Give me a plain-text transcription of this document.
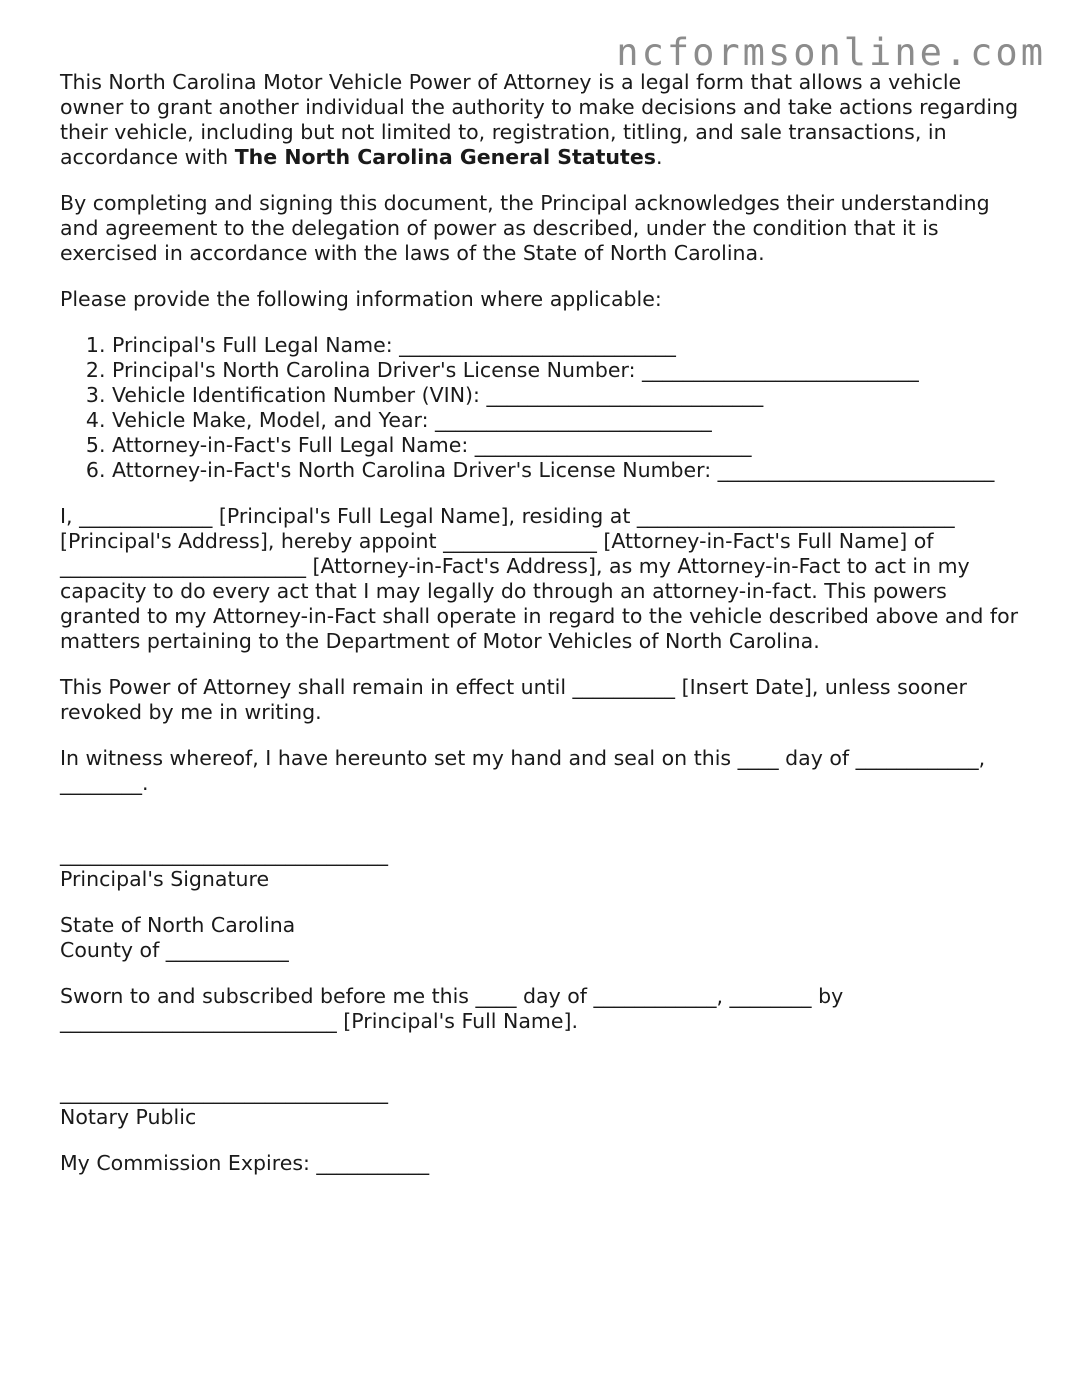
ncformsonline.com

This North Carolina Motor Vehicle Power of Attorney is a legal form that allows a vehicle owner to grant another individual the authority to make decisions and take actions regarding their vehicle, including but not limited to, registration, titling, and sale transactions, in accordance with The North Carolina General Statutes.

By completing and signing this document, the Principal acknowledges their understanding and agreement to the delegation of power as described, under the condition that it is exercised in accordance with the laws of the State of North Carolina.

Please provide the following information where applicable:

1. Principal's Full Legal Name: ___________________________
2. Principal's North Carolina Driver's License Number: ___________________________
3. Vehicle Identification Number (VIN): ___________________________
4. Vehicle Make, Model, and Year: ___________________________
5. Attorney-in-Fact's Full Legal Name: ___________________________
6. Attorney-in-Fact's North Carolina Driver's License Number: ___________________________

I, _____________ [Principal's Full Legal Name], residing at _______________________________ [Principal's Address], hereby appoint _______________ [Attorney-in-Fact's Full Name] of ________________________ [Attorney-in-Fact's Address], as my Attorney-in-Fact to act in my capacity to do every act that I may legally do through an attorney-in-fact. This powers granted to my Attorney-in-Fact shall operate in regard to the vehicle described above and for matters pertaining to the Department of Motor Vehicles of North Carolina.

This Power of Attorney shall remain in effect until __________ [Insert Date], unless sooner revoked by me in writing.

In witness whereof, I have hereunto set my hand and seal on this ____ day of ____________, ________.

________________________________
Principal's Signature

State of North Carolina
County of ____________

Sworn to and subscribed before me this ____ day of ____________, ________ by ___________________________ [Principal's Full Name].

________________________________
Notary Public

My Commission Expires: ___________
